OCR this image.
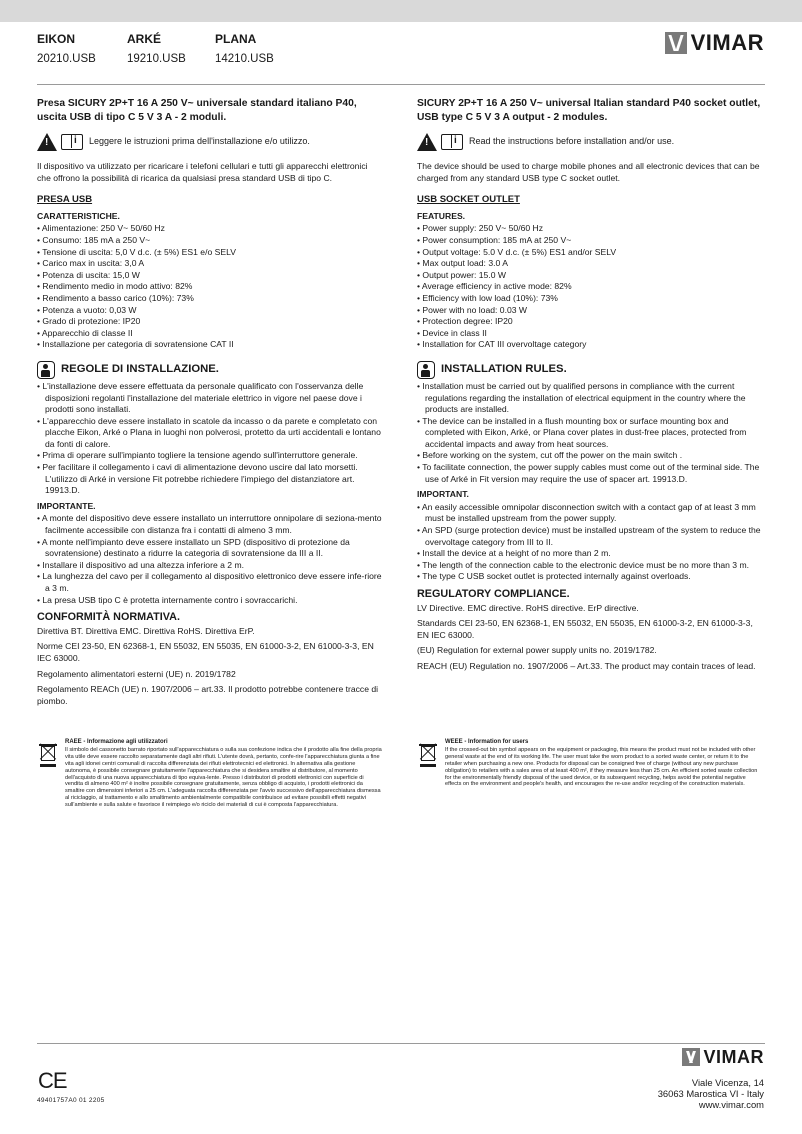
EIKON
20210.USB
ARKÉ
19210.USB
PLANA
14210.USB
VIMAR
Presa SICURY 2P+T 16 A 250 V~ universale standard italiano P40, uscita USB di tipo C 5 V 3 A - 2 moduli.
!
i
Leggere le istruzioni prima dell'installazione e/o utilizzo.
Il dispositivo va utilizzato per ricaricare i telefoni cellulari e tutti gli apparecchi elettronici che offrono la possibilità di ricarica da qualsiasi presa standard USB di tipo C.
PRESA USB
CARATTERISTICHE.
• Alimentazione: 250 V~ 50/60 Hz
• Consumo: 185 mA a 250 V~
• Tensione di uscita: 5,0 V d.c. (± 5%) ES1 e/o SELV
• Carico max in uscita: 3,0 A
• Potenza di uscita: 15,0 W
• Rendimento medio in modo attivo: 82%
• Rendimento a basso carico (10%): 73%
• Potenza a vuoto: 0,03 W
• Grado di protezione: IP20
• Apparecchio di classe II
• Installazione per categoria di sovratensione CAT II
REGOLE DI INSTALLAZIONE.
• L'installazione deve essere effettuata da personale qualificato con l'osservanza delle disposizioni regolanti l'installazione del materiale elettrico in vigore nel paese dove i prodotti sono installati.
• L'apparecchio deve essere installato in scatole da incasso o da parete e completato con placche Eikon, Arké o Plana in luoghi non polverosi, protetto da urti accidentali e lontano da fonti di calore.
• Prima di operare sull'impianto togliere la tensione agendo sull'interruttore generale.
• Per facilitare il collegamento i cavi di alimentazione devono uscire dal lato morsetti. L'utilizzo di Arké in versione Fit potrebbe richiedere l'impiego del distanziatore art. 19913.D.
IMPORTANTE.
• A monte del dispositivo deve essere installato un interruttore onnipolare di seziona-mento facilmente accessibile con distanza fra i contatti di almeno 3 mm.
• A monte nell'impianto deve essere installato un SPD (dispositivo di protezione da sovratensione) destinato a ridurre la categoria di sovratensione da III a II.
• Installare il dispositivo ad una altezza inferiore a 2 m.
• La lunghezza del cavo per il collegamento al dispositivo elettronico deve essere infe-riore a 3 m.
• La presa USB tipo C è protetta internamente contro i sovraccarichi.
CONFORMITÀ NORMATIVA.
Direttiva BT. Direttiva EMC. Direttiva RoHS. Direttiva ErP.
Norme CEI 23-50, EN 62368-1, EN 55032, EN 55035, EN 61000-3-2, EN 61000-3-3, EN IEC 63000.
Regolamento alimentatori esterni (UE) n. 2019/1782
Regolamento REACh (UE) n. 1907/2006 – art.33. Il prodotto potrebbe contenere tracce di piombo.
SICURY 2P+T 16 A 250 V~ universal Italian standard P40 socket outlet, USB type C 5 V 3 A output - 2 modules.
!
i
Read the instructions before installation and/or use.
The device should be used to charge mobile phones and all electronic devices that can be charged from any standard USB type C socket outlet.
USB SOCKET OUTLET
FEATURES.
• Power supply: 250 V~ 50/60 Hz
• Power consumption: 185 mA at 250 V~
• Output voltage: 5.0 V d.c. (± 5%) ES1 and/or SELV
• Max output load: 3.0 A
• Output power: 15.0 W
• Average efficiency in active mode: 82%
• Efficiency with low load (10%): 73%
• Power with no load: 0.03 W
• Protection degree: IP20
• Device in class II
• Installation for CAT III overvoltage category
INSTALLATION RULES.
• Installation must be carried out by qualified persons in compliance with the current regulations regarding the installation of electrical equipment in the country where the products are installed.
• The device can be installed in a flush mounting box or surface mounting box and completed with Eikon, Arké, or Plana cover plates in dust-free places, protected from accidental impacts and away from heat sources.
• Before working on the system, cut off the power on the main switch .
• To facilitate connection, the power supply cables must come out of the terminal side. The use of Arké in Fit version may require the use of spacer art. 19913.D.
IMPORTANT.
• An easily accessible omnipolar disconnection switch with a contact gap of at least 3 mm must be installed upstream from the power supply.
• An SPD (surge protection device) must be installed upstream of the system to reduce the overvoltage category from III to II.
• Install the device at a height of no more than 2 m.
• The length of the connection cable to the electronic device must be no more than 3 m.
• The type C USB socket outlet is protected internally against overloads.
REGULATORY COMPLIANCE.
LV Directive. EMC directive. RoHS directive. ErP directive.
Standards CEI 23-50, EN 62368-1, EN 55032, EN 55035, EN 61000-3-2, EN 61000-3-3, EN IEC 63000.
(EU) Regulation for external power supply units no. 2019/1782.
REACH (EU) Regulation no. 1907/2006 – Art.33. The product may contain traces of lead.
RAEE - Informazione agli utilizzatori
Il simbolo del cassonetto barrato riportato sull'apparecchiatura o sulla sua confezione indica che il prodotto alla fine della propria vita utile deve essere raccolto separatamente dagli altri rifiuti. L'utente dovrà, pertanto, confe-rire l'apparecchiatura giunta a fine vita agli idonei centri comunali di raccolta differenziata dei rifiuti elettrotecnici ed elettronici. In alternativa alla gestione autonoma, è possibile consegnare gratuitamente l'apparecchiatura che si desidera smaltire al distributore, al momento dell'acquisto di una nuova apparecchiatura di tipo equiva-lente. Presso i distributori di prodotti elettronici con superficie di vendita di almeno 400 m² è inoltre possibile consegnare gratuitamente, senza obbligo di acquisto, i prodotti elettronici da smaltire con dimensioni inferiori a 25 cm. L'adeguata raccolta differenziata per l'avvio successivo dell'apparecchiatura dismessa al riciclaggio, al trattamento e allo smaltimento ambientalmente compatibile contribuisce ad evitare possibili effetti negativi sull'ambiente e sulla salute e favorisce il reimpiego e/o riciclo dei materiali di cui è composta l'apparecchiatura.
WEEE - Information for users
If the crossed-out bin symbol appears on the equipment or packaging, this means the product must not be included with other general waste at the end of its working life. The user must take the worn product to a sorted waste center, or return it to the retailer when purchasing a new one. Products for disposal can be consigned free of charge (without any new purchase obligation) to retailers with a sales area of at least 400 m², if they measure less than 25 cm. An efficient sorted waste collection for the environmentally friendly disposal of the used device, or its subsequent recycling, helps avoid the potential negative effects on the environment and people's health, and encourages the re-use and/or recycling of the construction materials.
CE
49401757A0 01 2205
VIMAR
Viale Vicenza, 14
36063 Marostica VI - Italy
www.vimar.com
